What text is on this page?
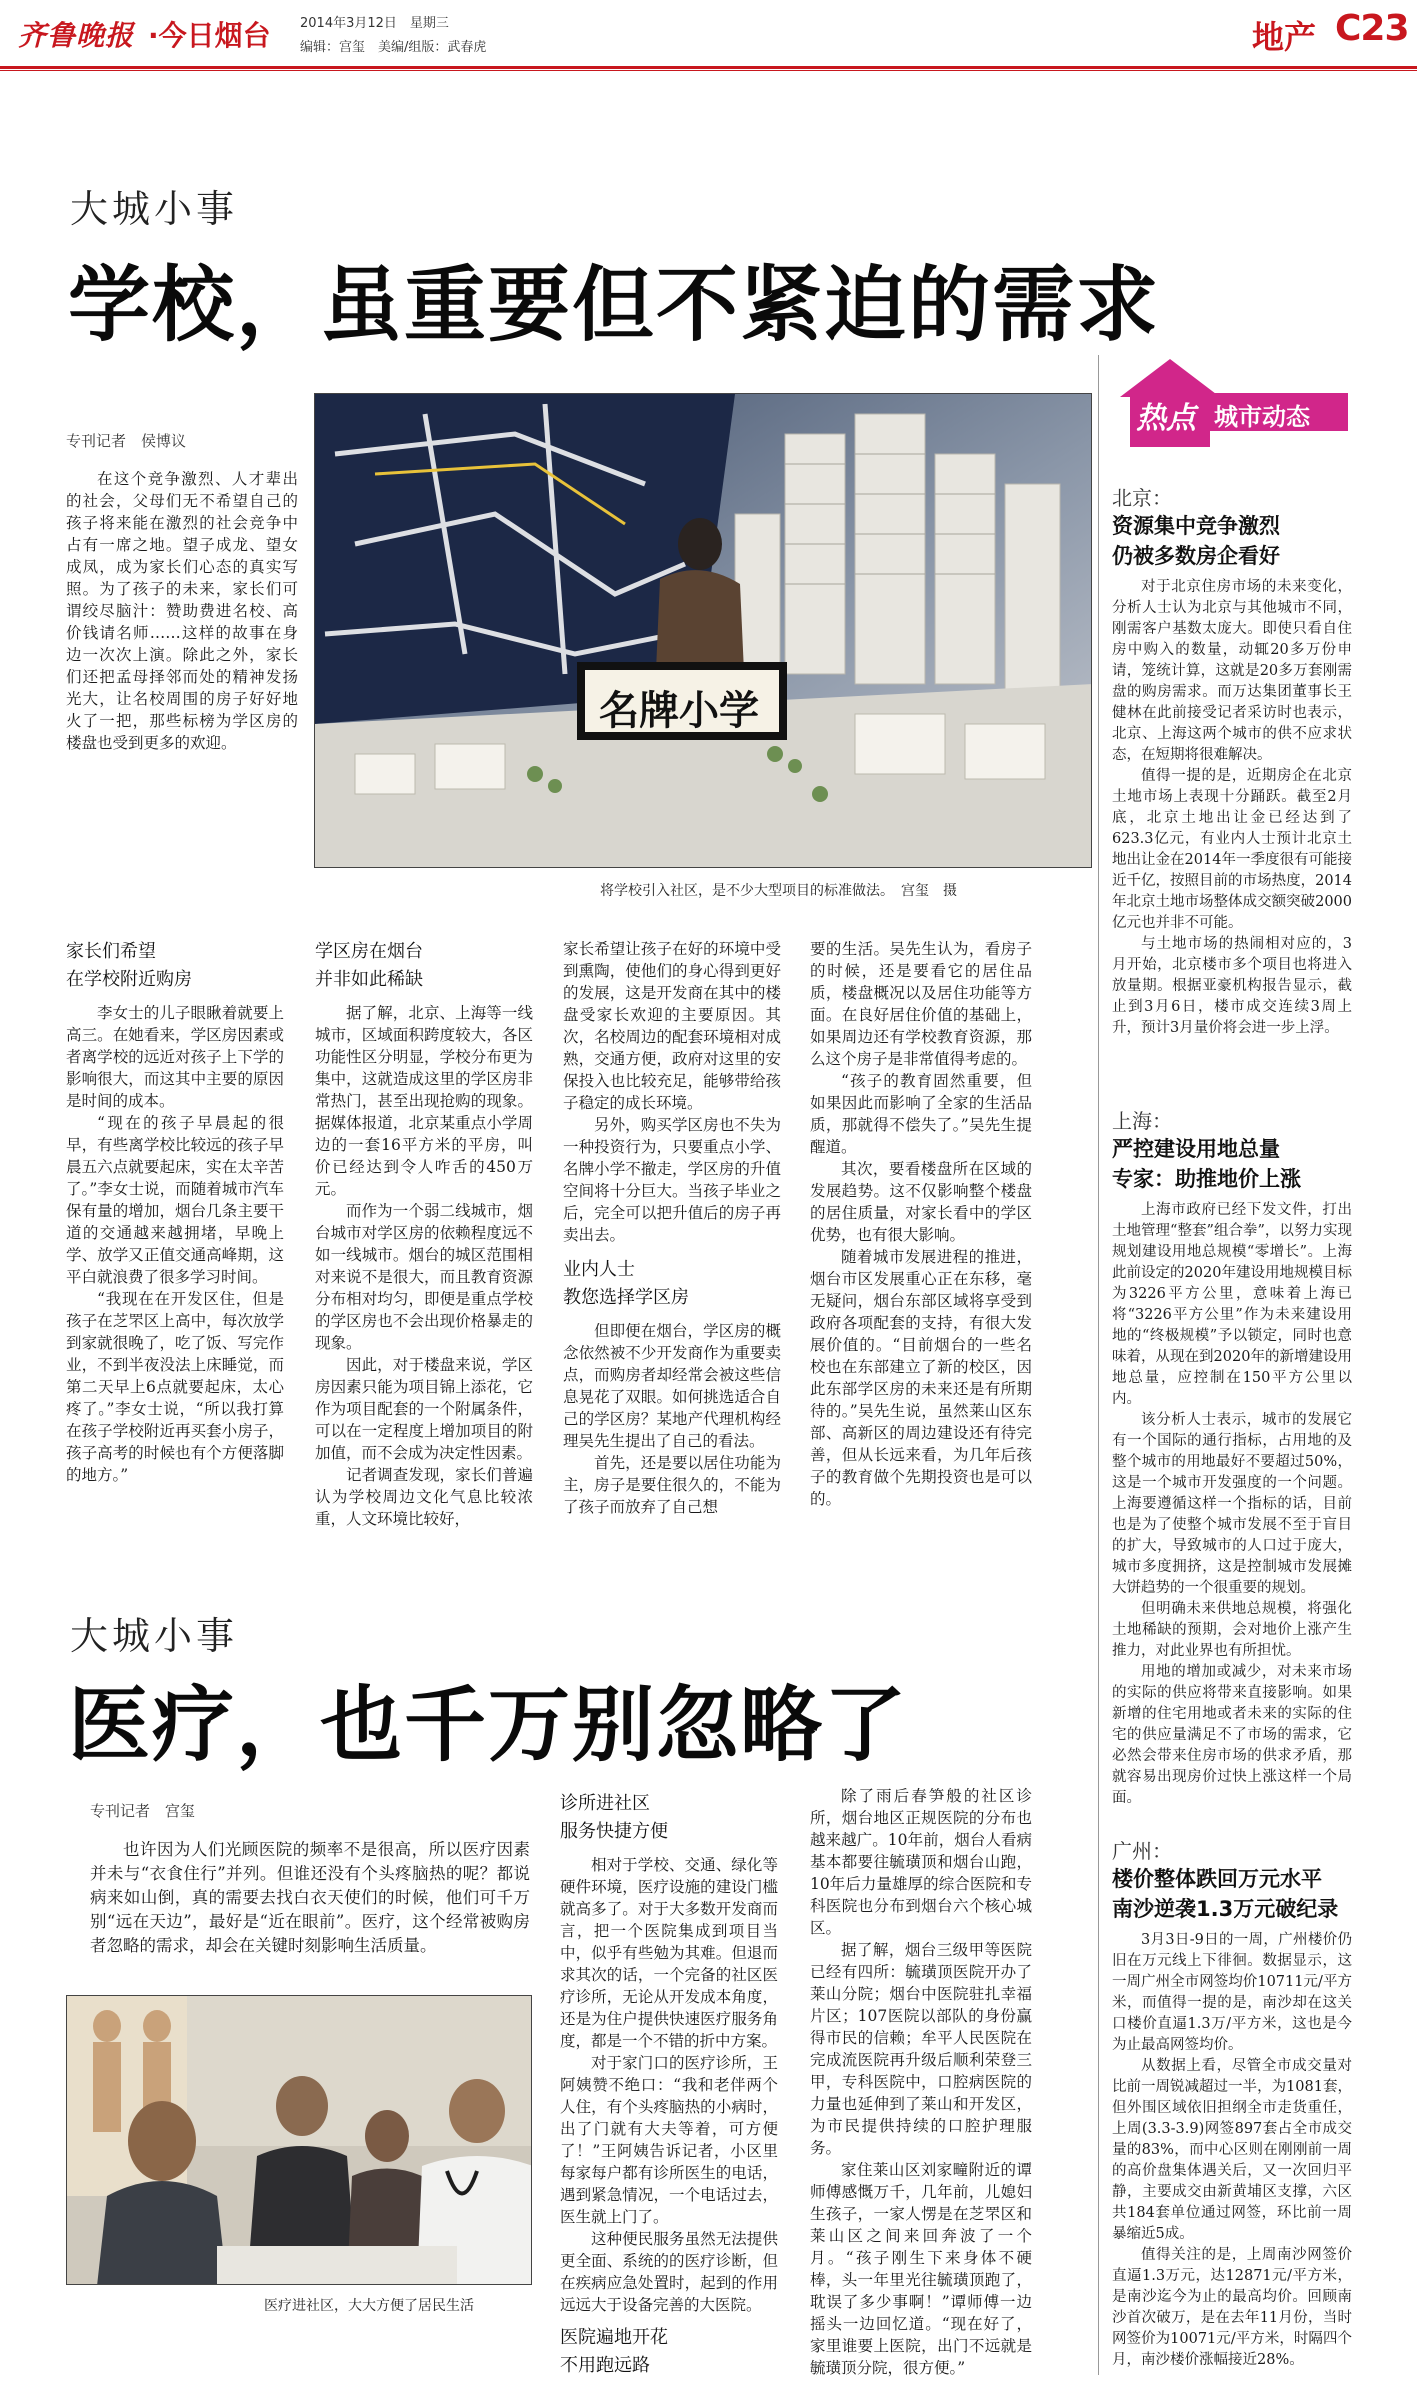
齐鲁晚报 ·今日烟台 2014年3月12日　星期三
编辑：宫玺　美编/组版：武春虎	地产 C23
大城小事
学校，虽重要但不紧迫的需求
专刊记者　侯博议

在这个竞争激烈、人才辈出的社会，父母们无不希望自己的孩子将来能在激烈的社会竞争中占有一席之地。望子成龙、望女成凤，成为家长们心态的真实写照。为了孩子的未来，家长们可谓绞尽脑汁：赞助费进名校、高价钱请名师……这样的故事在身边一次次上演。除此之外，家长们还把孟母择邻而处的精神发扬光大，让名校周围的房子好好地火了一把，那些标榜为学区房的楼盘也受到更多的欢迎。

名牌小学
将学校引入社区，是不少大型项目的标准做法。　宫玺　摄
家长们希望
在学校附近购房

李女士的儿子眼瞅着就要上高三。在她看来，学区房因素或者离学校的远近对孩子上下学的影响很大，而这其中主要的原因是时间的成本。

“现在的孩子早晨起的很早，有些离学校比较远的孩子早晨五六点就要起床，实在太辛苦了。”李女士说，而随着城市汽车保有量的增加，烟台几条主要干道的交通越来越拥堵，早晚上学、放学又正值交通高峰期，这平白就浪费了很多学习时间。

“我现在在开发区住，但是孩子在芝罘区上高中，每次放学到家就很晚了，吃了饭、写完作业，不到半夜没法上床睡觉，而第二天早上6点就要起床，太心疼了。”李女士说，“所以我打算在孩子学校附近再买套小房子，孩子高考的时候也有个方便落脚的地方。”

学区房在烟台
并非如此稀缺

据了解，北京、上海等一线城市，区域面积跨度较大，各区功能性区分明显，学校分布更为集中，这就造成这里的学区房非常热门，甚至出现抢购的现象。据媒体报道，北京某重点小学周边的一套16平方米的平房，叫价已经达到令人咋舌的450万元。

而作为一个弱二线城市，烟台城市对学区房的依赖程度远不如一线城市。烟台的城区范围相对来说不是很大，而且教育资源分布相对均匀，即便是重点学校的学区房也不会出现价格暴走的现象。

因此，对于楼盘来说，学区房因素只能为项目锦上添花，它作为项目配套的一个附属条件，可以在一定程度上增加项目的附加值，而不会成为决定性因素。

记者调查发现，家长们普遍认为学校周边文化气息比较浓重，人文环境比较好，

家长希望让孩子在好的环境中受到熏陶，使他们的身心得到更好的发展，这是开发商在其中的楼盘受家长欢迎的主要原因。其次，名校周边的配套环境相对成熟，交通方便，政府对这里的安保投入也比较充足，能够带给孩子稳定的成长环境。

另外，购买学区房也不失为一种投资行为，只要重点小学、名牌小学不撤走，学区房的升值空间将十分巨大。当孩子毕业之后，完全可以把升值后的房子再卖出去。

业内人士
教您选择学区房

但即便在烟台，学区房的概念依然被不少开发商作为重要卖点，而购房者却经常会被这些信息晃花了双眼。如何挑选适合自己的学区房？某地产代理机构经理吴先生提出了自己的看法。

首先，还是要以居住功能为主，房子是要住很久的，不能为了孩子而放弃了自己想

要的生活。吴先生认为，看房子的时候，还是要看它的居住品质，楼盘概况以及居住功能等方面。在良好居住价值的基础上，如果周边还有学校教育资源，那么这个房子是非常值得考虑的。

“孩子的教育固然重要，但如果因此而影响了全家的生活品质，那就得不偿失了。”吴先生提醒道。

其次，要看楼盘所在区域的发展趋势。这不仅影响整个楼盘的居住质量，对家长看中的学区优势，也有很大影响。

随着城市发展进程的推进，烟台市区发展重心正在东移，毫无疑问，烟台东部区域将享受到政府各项配套的支持，有很大发展价值的。“目前烟台的一些名校也在东部建立了新的校区，因此东部学区房的未来还是有所期待的。”吴先生说，虽然莱山区东部、高新区的周边建设还有待完善，但从长远来看，为几年后孩子的教育做个先期投资也是可以的。

大城小事
医疗，也千万别忽略了
专刊记者　宫玺

也许因为人们光顾医院的频率不是很高，所以医疗因素并未与“衣食住行”并列。但谁还没有个头疼脑热的呢？都说病来如山倒，真的需要去找白衣天使们的时候，他们可千万别“远在天边”，最好是“近在眼前”。医疗，这个经常被购房者忽略的需求，却会在关键时刻影响生活质量。

医疗进社区，大大方便了居民生活
诊所进社区
服务快捷方便

相对于学校、交通、绿化等硬件环境，医疗设施的建设门槛就高多了。对于大多数开发商而言，把一个医院集成到项目当中，似乎有些勉为其难。但退而求其次的话，一个完备的社区医疗诊所，无论从开发成本角度，还是为住户提供快速医疗服务角度，都是一个不错的折中方案。

对于家门口的医疗诊所，王阿姨赞不绝口：“我和老伴两个人住，有个头疼脑热的小病时，出了门就有大夫等着，可方便了！”王阿姨告诉记者，小区里每家每户都有诊所医生的电话，遇到紧急情况，一个电话过去，医生就上门了。

这种便民服务虽然无法提供更全面、系统的的医疗诊断，但在疾病应急处置时，起到的作用远远大于设备完善的大医院。

医院遍地开花
不用跑远路

除了雨后春笋般的社区诊所，烟台地区正规医院的分布也越来越广。10年前，烟台人看病基本都要往毓璜顶和烟台山跑，10年后力量雄厚的综合医院和专科医院也分布到烟台六个核心城区。

据了解，烟台三级甲等医院已经有四所：毓璜顶医院开办了莱山分院；烟台中医院驻扎幸福片区；107医院以部队的身份赢得市民的信赖；牟平人民医院在完成流医院再升级后顺利荣登三甲，专科医院中，口腔病医院的力量也延伸到了莱山和开发区，为市民提供持续的口腔护理服务。

家住莱山区刘家疃附近的谭师傅感慨万千，几年前，儿媳妇生孩子，一家人愣是在芝罘区和莱山区之间来回奔波了一个月。“孩子刚生下来身体不硬棒，头一年里光往毓璜顶跑了，耽误了多少事啊！”谭师傅一边摇头一边回忆道。“现在好了，家里谁要上医院，出门不远就是毓璜顶分院，很方便。”

热点 城市动态
北京：
资源集中竞争激烈
仍被多数房企看好

对于北京住房市场的未来变化，分析人士认为北京与其他城市不同，刚需客户基数太庞大。即使只看自住房中购入的数量，动辄20多万份申请，笼统计算，这就是20多万套刚需盘的购房需求。而万达集团董事长王健林在此前接受记者采访时也表示，北京、上海这两个城市的供不应求状态，在短期将很难解决。

值得一提的是，近期房企在北京土地市场上表现十分踊跃。截至2月底，北京土地出让金已经达到了623.3亿元，有业内人士预计北京土地出让金在2014年一季度很有可能接近千亿，按照目前的市场热度，2014年北京土地市场整体成交额突破2000亿元也并非不可能。

与土地市场的热闹相对应的，3月开始，北京楼市多个项目也将进入放量期。根据亚豪机构报告显示，截止到3月6日，楼市成交连续3周上升，预计3月量价将会进一步上浮。

上海：
严控建设用地总量
专家：助推地价上涨

上海市政府已经下发文件，打出土地管理“整套”组合拳”，以努力实现规划建设用地总规模“零增长”。上海此前设定的2020年建设用地规模目标为3226平方公里，意味着上海已将“3226平方公里”作为未来建设用地的“终极规模”予以锁定，同时也意味着，从现在到2020年的新增建设用地总量，应控制在150平方公里以内。

该分析人士表示，城市的发展它有一个国际的通行指标，占用地的及整个城市的用地最好不要超过50%，这是一个城市开发强度的一个问题。上海要遵循这样一个指标的话，目前也是为了使整个城市发展不至于盲目的扩大，导致城市的人口过于庞大，城市多度拥挤，这是控制城市发展摊大饼趋势的一个很重要的规划。

但明确未来供地总规模，将强化土地稀缺的预期，会对地价上涨产生推力，对此业界也有所担忧。

用地的增加或减少，对未来市场的实际的供应将带来直接影响。如果新增的住宅用地或者未来的实际的住宅的供应量满足不了市场的需求，它必然会带来住房市场的供求矛盾，那就容易出现房价过快上涨这样一个局面。

广州：
楼价整体跌回万元水平
南沙逆袭1.3万元破纪录

3月3日-9日的一周，广州楼价仍旧在万元线上下徘徊。数据显示，这一周广州全市网签均价10711元/平方米，而值得一提的是，南沙却在这关口楼价直逼1.3万/平方米，这也是今为止最高网签均价。

从数据上看，尽管全市成交量对比前一周锐减超过一半，为1081套，但外围区域依旧担纲全市走货重任，上周(3.3-3.9)网签897套占全市成交量的83%，而中心区则在刚刚前一周的高价盘集体遇关后，又一次回归平静，主要成交由新黄埔区支撑，六区共184套单位通过网签，环比前一周暴缩近5成。

值得关注的是，上周南沙网签价直逼1.3万元，达12871元/平方米，是南沙迄今为止的最高均价。回顾南沙首次破万，是在去年11月份，当时网签价为10071元/平方米，时隔四个月，南沙楼价涨幅接近28%。
